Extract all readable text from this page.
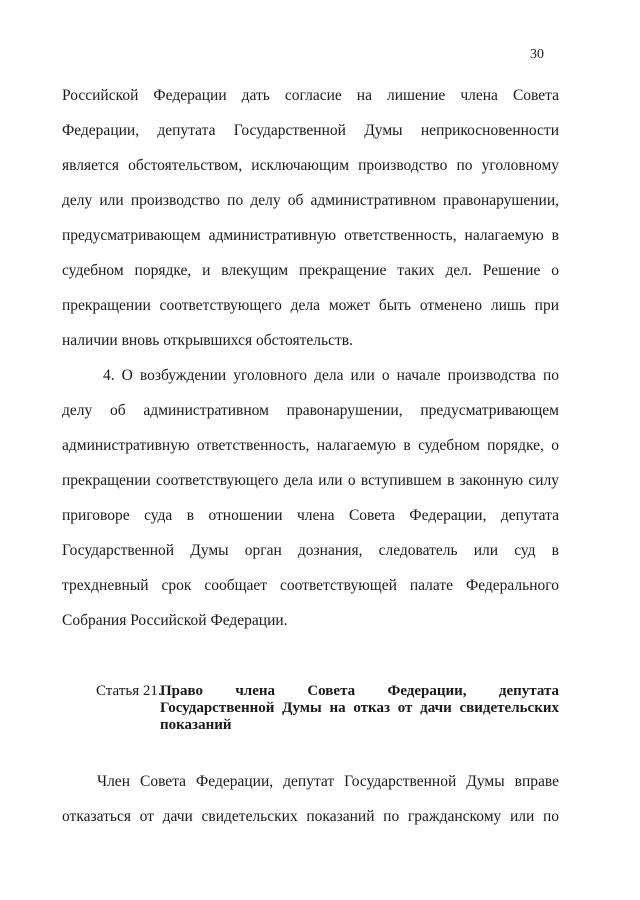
30
Российской Федерации дать согласие на лишение члена Совета
Федерации, депутата Государственной Думы неприкосновенности
является обстоятельством, исключающим производство по уголовному
делу или производство по делу об административном правонарушении,
предусматривающем административную ответственность, налагаемую в
судебном порядке, и влекущим прекращение таких дел. Решение о
прекращении соответствующего дела может быть отменено лишь при
наличии вновь открывшихся обстоятельств.
4. О возбуждении уголовного дела или о начале производства по
делу об административном правонарушении, предусматривающем
административную ответственность, налагаемую в судебном порядке, о
прекращении соответствующего дела или о вступившем в законную силу
приговоре суда в отношении члена Совета Федерации, депутата
Государственной Думы орган дознания, следователь или суд в
трехдневный срок сообщает соответствующей палате Федерального
Собрания Российской Федерации.
Статья 21.
Право члена Совета Федерации, депутата
Государственной Думы на отказ от дачи свидетельских
показаний
Член Совета Федерации, депутат Государственной Думы вправе
отказаться от дачи свидетельских показаний по гражданскому или по
